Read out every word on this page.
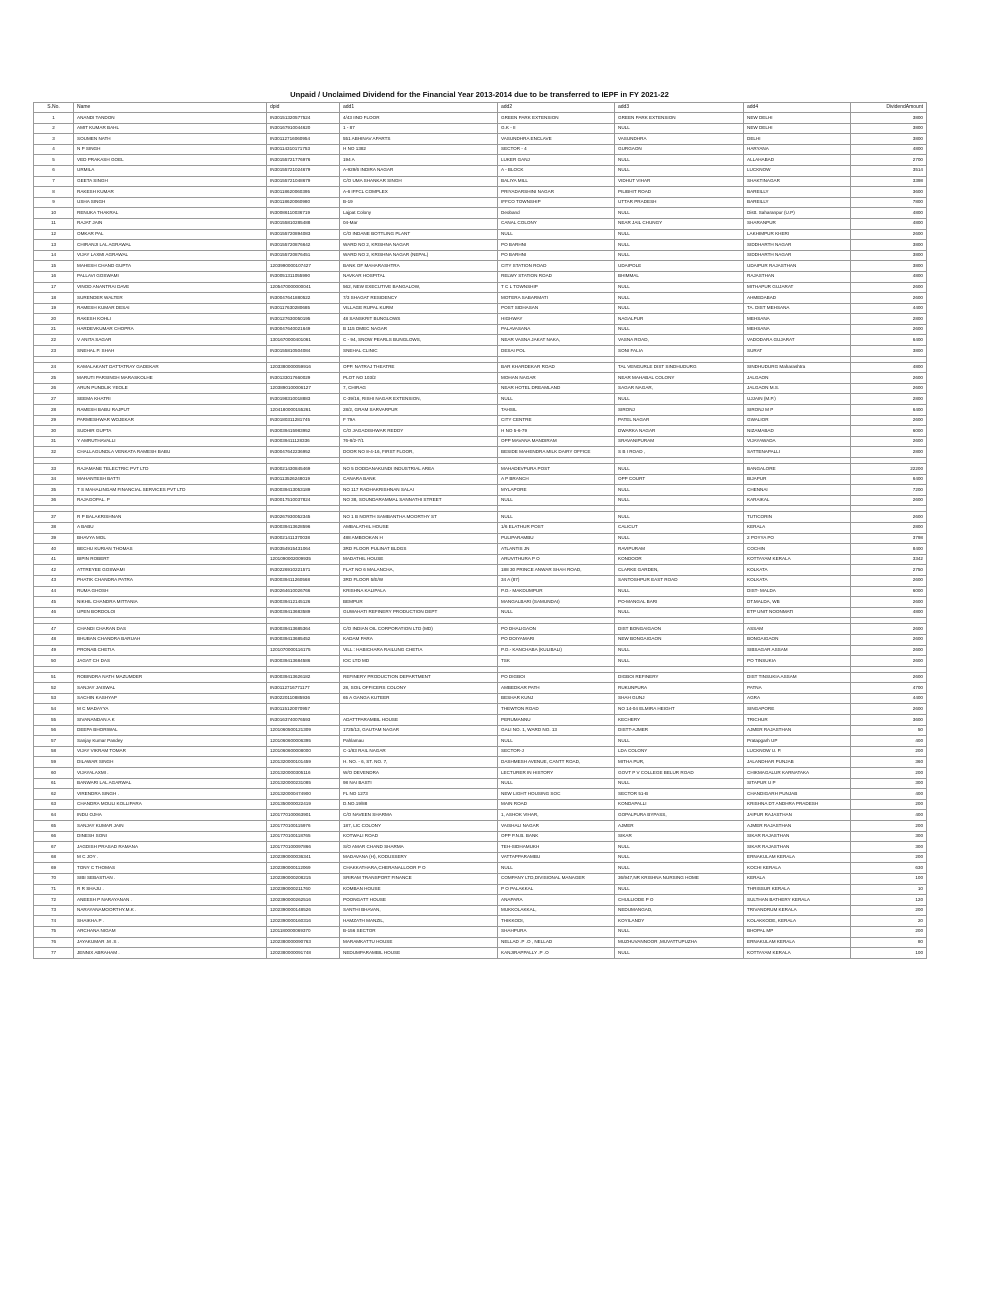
Unpaid / Unclaimed Dividend for the Financial Year 2013-2014 due to be transferred to IEPF in FY 2021-22
S.No.	Name	dpid	add1	add2	add3	add4	DividendAmount
1	ANANDI TANDON	IN30151320577524	4/43 IIND FLOOR	GREEN PARK EXTENSION	GREEN PARK EXTENSION	NEW DELHI	3800
2	AMIT KUMAR BAHL	IN30167910044620	1 - 87	G.K - II	NULL	NEW DELHI	3800
3	SOUMEN NATH	IN30112716060954	551 ABHINAV APARTS	VASUNDHRA ENCLAVE	VASUNDHRA	DELHI	3800
4	N P SINGH	IN30114310171753	H NO 1382	SECTOR - 4	GURGAON	HARYANA	4800
5	VED PRAKASH GOEL	IN30155721776976	194 A	LUKER GANJ	NULL	ALLAHABAD	2700
6	URMILA	IN30155721024679	A-929/6 INDIRA NAGAR	A - BLOCK	NULL	LUCKNOW	3514
7	GEETA SINGH	IN30155721048679	C/O UMA SHANKAR SINGH	BALIYA MILL	VIDHUT VIHAR	SHAKTINAGAR	3398
8	RAKESH KUMAR	IN30118620060395	A-6 IFFCL COMPLEX	PRIYADARSHINI NAGAR	PILIBHIT ROAD	BAREILLY	3600
9	USHA SINGH	IN30118620060980	B-19	IFFCO TOWNSHIP	UTTAR PRADESH	BAREILLY	7800
10	RENUKA THAKRAL	IN30086110036719	Lajpat Colony	Deoband	NULL	Distt. Saharanpur (U.P)	4800
11	RAJAT JAIN	IN30155810285488	04-Mar	CANAL COLONY	NEAR JAIL CHUNGY	SHARANPUR	4800
12	OMKAR PAL	IN30155720894083	C/O INDANE BOTTLING PLANT	NULL	NULL	LAKHIMPUR KHERI	2600
13	CHIRANJI LAL AGRAWAL	IN30155720876642	WARD NO 2, KRISHNA NAGAR	PO BARHNI	NULL	SIDDHARTH NAGAR	3800
14	VIJAY LAXMI AGRAWAL	IN30155720876451	WARD NO 2, KRISHNA NAGAR (NEPAL)	PO BARHNI	NULL	SIDDHARTH NAGAR	3800
15	MAHESH CHAND GUPTA	1203990000107427	BANK OF MAHARASHTRA	CITY STATION ROAD	UDAIPOLE	UDAIPUR RAJASTHAN	3800
16	PALLAVI GOSWAMI	IN30051311055990	NAVKAR HOSPITAL	RELWY STATION ROAD	BHIMMAL	RAJASTHAN	4800
17	VINOD ANANTRAI DAVE	1205470000000041	562, NEW EXECUTIVE BANGALOW,	T C L TOWNSHIP	NULL	MITHAPUR GUJARAT	2600
18	SURENDER WALTER	IN30047641880522	7/3 SHAGAT RESIDENCY	MOTERA SABARMATI	NULL	AHMEDABAD	2600
19	RAMESH KUMAR DESAI	IN30117630280685	VILLAGE RUPAL KURM	POST SIDHASAN	NULL	TA. DIST MEHSANA	4400
20	RAKESH KOHLI	IN30127630050195	48 SANSKRIT BUNGLOWS	HIGHWAY	NAGALPUR	MEHSANA	2800
21	HARDEVKUMAR CHOPRA	IN30047640021649	B 115 DMEC NAGAR	PALAVASANA	NULL	MEHSANA	2600
22	V ANITA SAGAR	1301670000401061	C - 94, SNOW PEARLS BUNGLOWS,	NEAR VASNA JAKAT NAKA,	VASNA ROAD,	VADODARA GUJARAT	6400
23	SNEHAL P. SHAH	IN30155810504084	SNEHAL CLINIC	DESAI POL	SONI FALIA	SURAT	3800

24	KAMALAKANT DATTATRAY GADEKAR	1203380000059916	OPP. NATRAJ THEATRE	BAR KHARDEKAR ROAD	TAL VENGURLE DIST SINDHUDURG	SINDHUDURG Maharashtra	4800
25	MARUTI PARSINGH MARASKOLHE	IN30133017660029	PLOT NO 103/2	MOHAN NAGAR	NEAR MAHABAL COLONY	JALGAON	2600
26	ARUN PUNDLIK YEOLE	1203890100006127	7, CHIRAG	NEAR HOTEL DREAMLAND	SAGAR NAGAR,	JALGAON M.S.	2600
27	SEEMA KHATRI	IN30198310018883	C-39/16, RISHI NAGAR EXTENSION,	NULL	NULL	UJJAIN (M.P.)	2800
28	RAMESH BABU RAJPUT	1204180000155261	28/2, GRAM SARVARPUR	TAHSIL	SIRONJ	SIRONJ M P	6400
29	PARMESHWAR WOJEKAR	IN30180311281745	F 79A	CITY CENTRE	PATEL NAGAR	GWALIOR	2600
30	SUDHIR GUPTA	IN30039415983952	C/O JAGADISHWAR REDDY	H NO 5-6-79	DWARKA NAGAR	NIZAMABAD	6000
31	Y AMRUTHAVALLI	IN30039411128336	76-8/2-7/1	OPP MAVANA MANDIRAM	SRAVANIPURAM	VIJAYAWADA	2600
32	CHALLAGUNDLA VENKATA RAMESH BABU	IN30047642236952	DOOR NO 8-4-16, FIRST FLOOR,	BESIDE MAHENDRA MILK DAIRY OFFICE	S B I ROAD ,	SATTENAPALLI	2800

33	RAJAMANE TELECTRIC PVT LTD	IN30021430845469	NO 5 DODDANAKUNDI INDUSTRIAL AREA	MAHADEVPURA POST	NULL	BANGALORE	22200
34	MAHANTESH BATTI	IN30113526248019	CANARA BANK	A P BRANCH	OPP COURT	BIJAPUR	6400
35	T S MAHALINGAM FINANCIAL SERVICES PVT LTD	IN30039413053189	NO 117 RADHAKRISHNAN SALAI	MYLAPORE	NULL	CHENNAI	7200
36	RAJAGOPAL. P	IN30017510037824	NO 38, SOUNDARAMMAL SANNATHI STREET	NULL	NULL	KARAIKAL	2600

37	R P BALAKRISHNAN	IN30267930052345	NO 1 B NORTH SAMBANTHA MOORTHY ST	NULL	NULL	TUTICORIN	2600
38	A BABU	IN30039413628596	AMBALATHIL HOUSE	1/6 ELATHUR POST	CALICUT	KERALA	2800
39	BHAVYA MOL	IN30021411370038	488 AMBOOKAN H	PULIPARAMBU	NULL	2 POYYA PO	3798
40	BECHU KURIAN THOMAS	IN30354915431064	3RD FLOOR PULINAT BLDGS	ATLANTIS JN	RAVIPURAM	COCHIN	8400
41	BIPIN ROBERT	1201090002009935	MADATHIL HOUSE	ARUVITHURA P O	KONDOOR	KOTTAYAM KERALA	3342
42	ATTREYEE GOSWAMI	IN30226910221571	FLAT NO 6 MALANCHA,	188 30 PRINCE ANWAR SHAH ROAD,	CLARKE GARDEN,	KOLKATA	2750
43	PHATIK CHANDRA PATRA	IN30039411260568	3RD FLOOR 5/E/W	34 A (87)	SANTOSHPUR EAST ROAD	KOLKATA	2600
44	RUMA GHOSH	IN30264610026766	KRISHNA KALIPALA	P.O.- MAKDUMPUR	NULL	DIST- MALDA	6000
45	NIKHIL CHANDRA MITTANIA	IN30039412145126	BEMPUR	MANGALBARI (SAMUNDAI)	PO-MANGAL BARI	DT.MALDA, WB	2600
46	UPEN BORDOLOI	IN30039413683589	GUWAHATI REFINERY PRODUCTION DEPT	NULL	NULL	ETP UNIT NOONMATI	4800

47	CHANDI CHARAN DAS	IN30039413685364	C/O INDIAN OIL CORPORATION LTD (MD)	PO DHALIGAON	DIST BONGAIGAON	ASSAM	2600
48	BHUBAN CHANDRA BARUAH	IN30039413685452	KADAM PARA	PO DOIYAMARI	NEW BONGAIGAON	BONGAIGAON	2600
49	PRONAB CHETIA	1201070000116175	VILL : HABICHARA RAILUNG CHETIA	P.O.- KANCHABA (KULIBALI)	NULL	SIBSAGAR ASSAM	2600
50	JAGAT CH DAS	IN30039413684586	IOC LTD MD	TSK	NULL	PO TINSUKIA	2600

51	ROBINDRA NATH MAZUMDER	IN30039413626182	REFINERY PRODUCTION DEPARTMENT	PO DIGBOI	DIGBOI REFINERY	DIST TINSUKIA ASSAM	2600
52	SANJAY JAISWAL	IN30112716771177	28, SOIL OFFICERS COLONY	AMBEDKAR PATH	RUKUNPURA	PATNA	4700
53	SACHIN KASHYAP	IN30220110885936	65 A GANGA KUTEER	BESHAR KUNJ	SHAH GUNJ	AGRA	4400
54	M C MADAYYA	IN30115120070957		THEWTON ROAD	NO 14-04 ELMIRA HEIGHT	SINGAPORE	2600
55	SIVANANDAN A K	IN30163740076593	ADATTPARAMBIL HOUSE	PERUMANNU	KECHERY	TRICHUR	3600
56	DEEPA BHORIWAL	1201060500121309	1725/13, GAUTAM NAGAR	GALI NO. 1, WARD NO. 13	DISTT-AJMER	AJMER RAJASTHAN	50
57	Sanjay Kumar Pandey	1201060600006395	Pahlamau	NULL	NULL	Pratapgarh UP	400
58	VIJAY VIKRAM TOMAR	1201060600008000	C-1/83 RAIL NAGAR	SECTOR-J	LDA COLONY	LUCKNOW U. P.	200
59	DILAWAR SINGH	1201320000101459	H. NO. - 6, ST. NO. 7,	DASHMESH AVENUE, CANTT ROAD,	MITHA PUR,	JALANDHAR PUNJAB	360
60	VIJAYALAXMI .	1201320000305116	W/O DEVENDRA	LECTURER IN HISTORY	GOVT P V COLLEGE BELUR ROAD	CHIKMAGALUR KARNATAKA	200
61	BANWARI LAL AGARWAL	1201320000231085	98 NAI BASTI	NULL	NULL	SITAPUR U P	300
62	VIRENDRA SINGH .	1201320000474900	FL NO 1273	NEW LIGHT HOUSING SOC	SECTOR 51-B	CHANDIGARH PUNJAB	400
63	CHANDRA MOULI KOLLIPARA	1201350000022419	D.NO.19/88	MAIN ROAD	KONDAPALLI	KRISHNA DT ANDHRA PRADESH	200
64	INDU OJHA	1201770100063901	C/O NAVEEN SHARMA	1, ASHOK VIHAR,	GOPALPURA BYPASS,	JAIPUR RAJASTHAN	400
65	SANJAY KUMAR JAIN	1201770100115976	187, LIC COLONY	VAISHALI NAGAR	AJMER	AJMER RAJASTHAN	200
66	DINESH SONI	1201770100118765	KOTWALI ROAD	OPP P.N.B. BANK	SIKAR	SIKAR RAJASTHAN	300
67	JAGDISH PRASAD RAMANA	1201770100097866	S/O AMAR CHAND SHARMA	TEH-SIDHAMUKH	NULL	SIKAR RAJASTHAN	300
68	M C JOY .	1202390000036341	MADAVANA (H), KODUSSERY	VATTAPPARAMBU	NULL	ERNAKULAM KERALA	200
69	TONY C THOMAS	1202390000112069	CHAKKATHARA,CHERANALLOOR P O	NULL	NULL	KOCHI KERALA	630
70	SIBI SEBASTIAN .	1202390000208215	SRIRAM TRANSPORT FINANCE	COMPANY LTD,DIVISIONAL MANAGER	36/947,NR KRISHNA NURSING HOME	KERALA	100
71	R R SHAJU .	1202390000211760	KOMBAN HOUSE	P O PALAKKAL	NULL	THRISSUR KERALA	10
72	ANEESH P NARAYANAN .	1202390000262516	POONGATT HOUSE	ANAPARA	CHULLIODE P O	SULTHAN BATHERY KERALA	120
73	NARAYANAMOORTHY.M.K .	1202390000148526	SANTHI BHAVAN,	MUKKOLAKKAL,	NEDUMANGAD,	TRIVANDRUM KERALA	200
74	SHAIKHA.P .	1202390000160316	HAMZATH MANZIL,	THIKKODI,	KOYILANDY	KOLAKKODE, KERALA	20
75	ARCHANA NIGAM	1201180000069370	B-156 SECTOR	SHAHPURA	NULL	BHOPAL MP	200
76	JAYAKUMAR .M .S .	1202380000090763	MARAMKATTU HOUSE	NELLAD .P .O , NELLAD	MUZHUVANNOOR ,MUVATTUPUZHA	ERNAKULAM KERALA	80
77	JENNIX ABRAHAM .	1202380000091748	NEDUMPARAMBIL HOUSE	KANJIRAPPALLY .P .O	NULL	KOTTAYAM KERALA	100
